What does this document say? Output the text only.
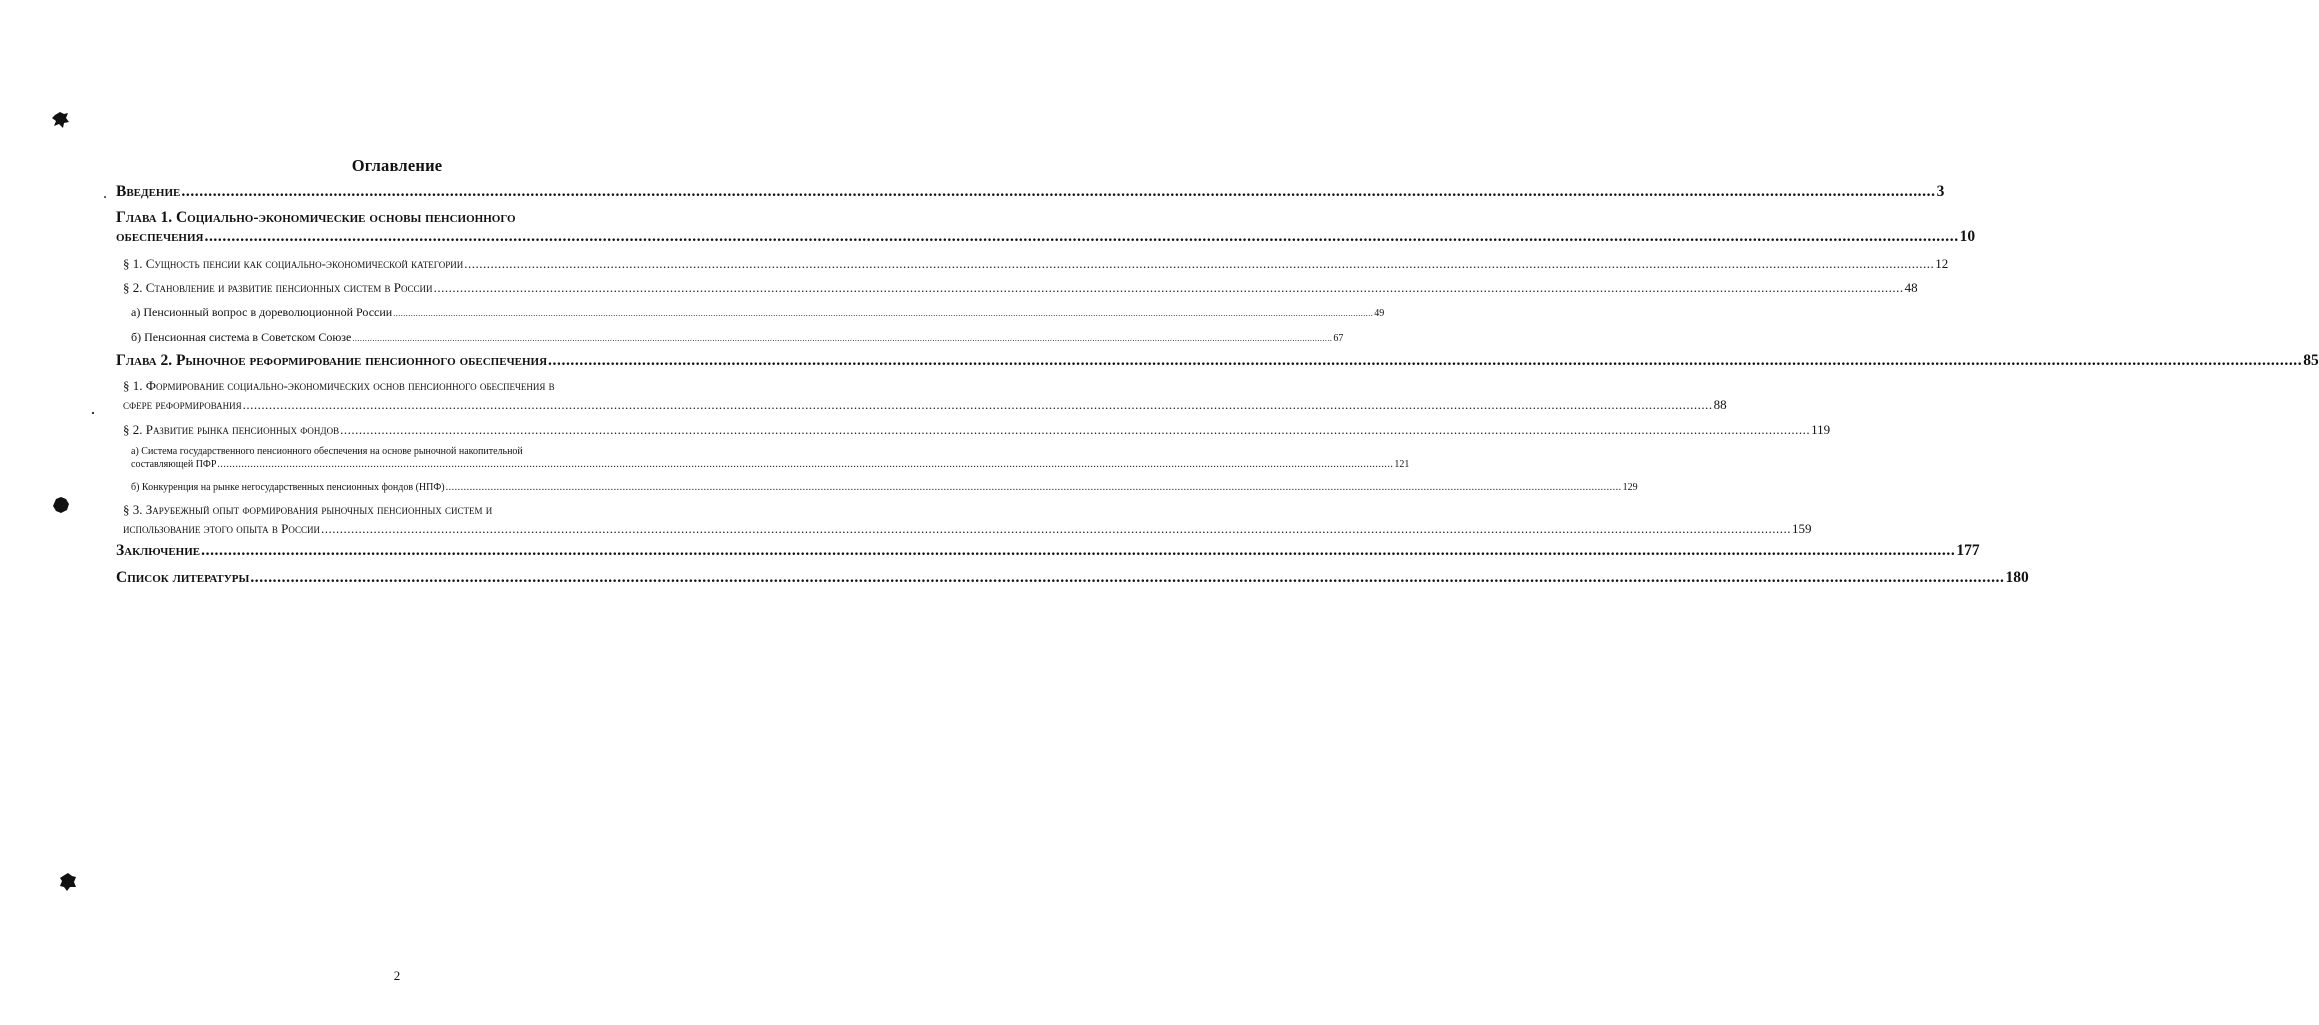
Оглавление
Введение .....	3
Глава 1. Социально-экономические основы пенсионного
обеспечения .....	10
§ 1. Сущность пенсии как социально-экономической категории .....	12
§ 2. Становление и развитие пенсионных систем в России .....	48
а) Пенсионный вопрос в дореволюционной России .....	49
б) Пенсионная система в Советском Союзе .....	67
Глава 2. Рыночное реформирование пенсионного обеспечения .....	85
§ 1. Формирование социально-экономических основ пенсионного обеспечения в
сфере реформирования .....	88
§ 2. Развитие рынка пенсионных фондов .....	119
а) Система государственного пенсионного обеспечения на основе рыночной накопительной
составляющей ПФР .....	121
б) Конкуренция на рынке негосударственных пенсионных фондов (НПФ) .....	129
§ 3. Зарубежный опыт формирования рыночных пенсионных систем и
использование этого опыта в России .....	159
Заключение .....	177
Список литературы .....	180
2
